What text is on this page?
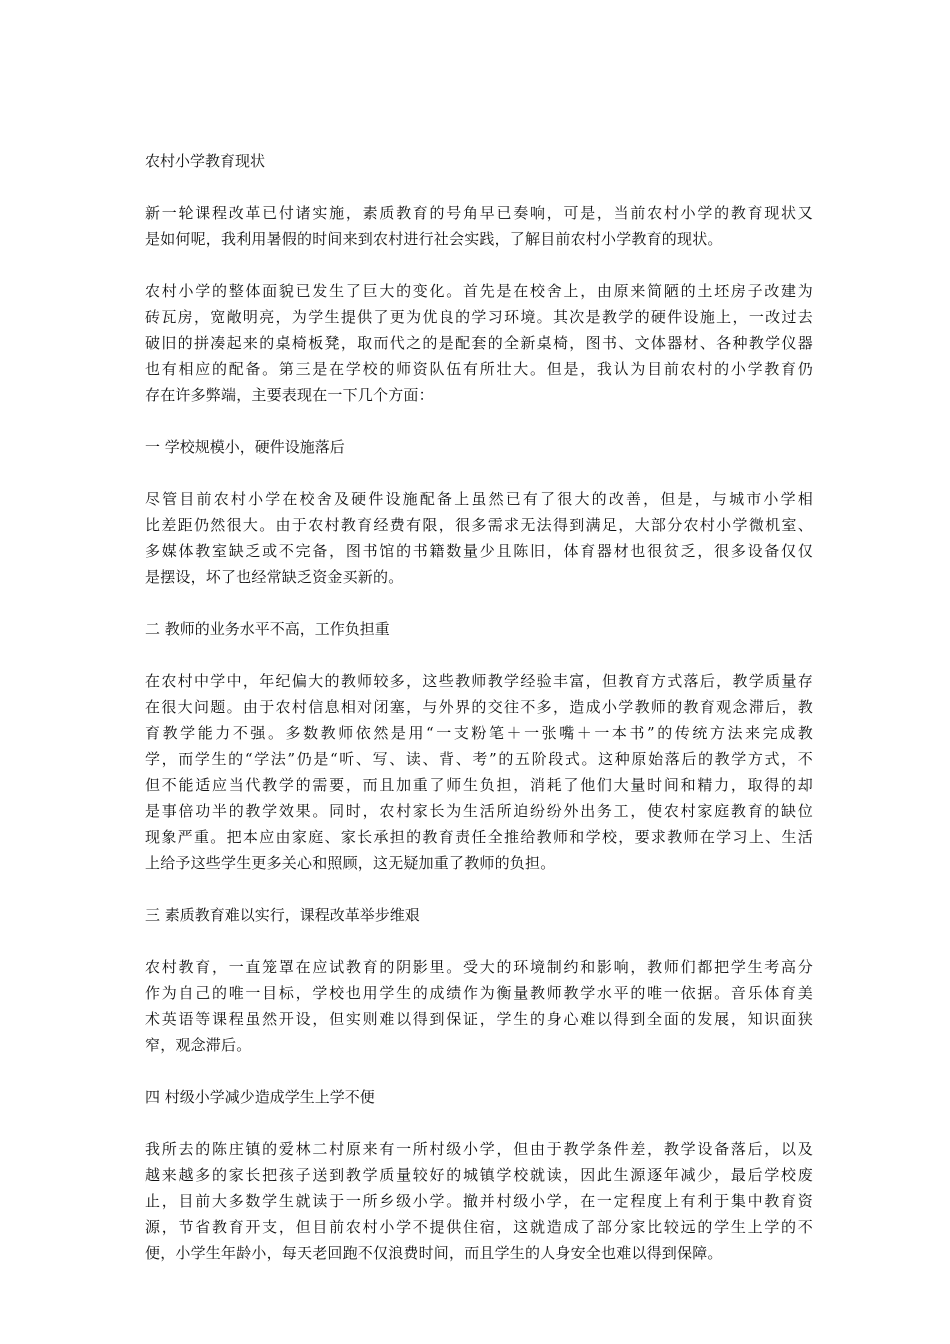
农村小学教育现状
新一轮课程改革已付诸实施，素质教育的号角早已奏响，可是，当前农村小学的教育现状又
是如何呢，我利用暑假的时间来到农村进行社会实践，了解目前农村小学教育的现状。
农村小学的整体面貌已发生了巨大的变化。首先是在校舍上，由原来简陋的土坯房子改建为
砖瓦房，宽敞明亮，为学生提供了更为优良的学习环境。其次是教学的硬件设施上，一改过去
破旧的拼凑起来的桌椅板凳，取而代之的是配套的全新桌椅，图书、文体器材、各种教学仪器
也有相应的配备。第三是在学校的师资队伍有所壮大。但是，我认为目前农村的小学教育仍
存在许多弊端，主要表现在一下几个方面：
一 学校规模小，硬件设施落后
尽管目前农村小学在校舍及硬件设施配备上虽然已有了很大的改善，但是，与城市小学相
比差距仍然很大。由于农村教育经费有限，很多需求无法得到满足，大部分农村小学微机室、
多媒体教室缺乏或不完备，图书馆的书籍数量少且陈旧，体育器材也很贫乏，很多设备仅仅
是摆设，坏了也经常缺乏资金买新的。
二 教师的业务水平不高，工作负担重
在农村中学中，年纪偏大的教师较多，这些教师教学经验丰富，但教育方式落后，教学质量存
在很大问题。由于农村信息相对闭塞，与外界的交往不多，造成小学教师的教育观念滞后，教
育教学能力不强。多数教师依然是用“一支粉笔＋一张嘴＋一本书”的传统方法来完成教
学，而学生的“学法”仍是“听、写、读、背、考”的五阶段式。这种原始落后的教学方式，不
但不能适应当代教学的需要，而且加重了师生负担，消耗了他们大量时间和精力，取得的却
是事倍功半的教学效果。同时，农村家长为生活所迫纷纷外出务工，使农村家庭教育的缺位
现象严重。把本应由家庭、家长承担的教育责任全推给教师和学校，要求教师在学习上、生活
上给予这些学生更多关心和照顾，这无疑加重了教师的负担。
三 素质教育难以实行，课程改革举步维艰
农村教育，一直笼罩在应试教育的阴影里。受大的环境制约和影响，教师们都把学生考高分
作为自己的唯一目标，学校也用学生的成绩作为衡量教师教学水平的唯一依据。音乐体育美
术英语等课程虽然开设，但实则难以得到保证，学生的身心难以得到全面的发展，知识面狭
窄，观念滞后。
四 村级小学减少造成学生上学不便
我所去的陈庄镇的爱林二村原来有一所村级小学，但由于教学条件差，教学设备落后，以及
越来越多的家长把孩子送到教学质量较好的城镇学校就读，因此生源逐年减少，最后学校废
止，目前大多数学生就读于一所乡级小学。撤并村级小学，在一定程度上有利于集中教育资
源，节省教育开支，但目前农村小学不提供住宿，这就造成了部分家比较远的学生上学的不
便，小学生年龄小，每天老回跑不仅浪费时间，而且学生的人身安全也难以得到保障。
